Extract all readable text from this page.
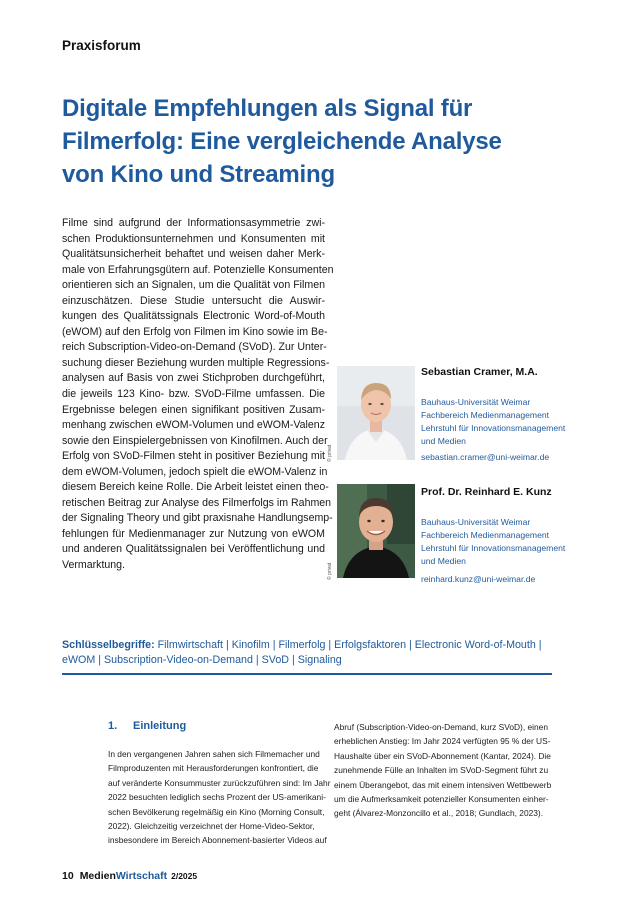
Praxisforum
Digitale Empfehlungen als Signal für
Filmerfolg: Eine vergleichende Analyse
von Kino und Streaming
Filme sind aufgrund der Informationsasymmetrie zwi-
schen Produktionsunternehmen und Konsumenten mit
Qualitätsunsicherheit behaftet und weisen daher Merk-
male von Erfahrungsgütern auf. Potenzielle Konsumenten
orientieren sich an Signalen, um die Qualität von Filmen
einzuschätzen. Diese Studie untersucht die Auswir-
kungen des Qualitätssignals Electronic Word-of-Mouth
(eWOM) auf den Erfolg von Filmen im Kino sowie im Be-
reich Subscription-Video-on-Demand (SVoD). Zur Unter-
suchung dieser Beziehung wurden multiple Regressions-
analysen auf Basis von zwei Stichproben durchgeführt,
die jeweils 123 Kino- bzw. SVoD-Filme umfassen. Die
Ergebnisse belegen einen signifikant positiven Zusam-
menhang zwischen eWOM-Volumen und eWOM-Valenz
sowie den Einspielergebnissen von Kinofilmen. Auch der
Erfolg von SVoD-Filmen steht in positiver Beziehung mit
dem eWOM-Volumen, jedoch spielt die eWOM-Valenz in
diesem Bereich keine Rolle. Die Arbeit leistet einen theo-
retischen Beitrag zur Analyse des Filmerfolgs im Rahmen
der Signaling Theory und gibt praxisnahe Handlungsemp-
fehlungen für Medienmanager zur Nutzung von eWOM
und anderen Qualitätssignalen bei Veröffentlichung und
Vermarktung.
© privat
Sebastian Cramer, M.A.
Bauhaus-Universität Weimar
Fachbereich Medienmanagement
Lehrstuhl für Innovationsmanagement
und Medien
sebastian.cramer@uni-weimar.de
© privat
Prof. Dr. Reinhard E. Kunz
Bauhaus-Universität Weimar
Fachbereich Medienmanagement
Lehrstuhl für Innovationsmanagement
und Medien
reinhard.kunz@uni-weimar.de
Schlüsselbegriffe: Filmwirtschaft | Kinofilm | Filmerfolg | Erfolgsfaktoren | Electronic Word-of-Mouth |
eWOM | Subscription-Video-on-Demand | SVoD | Signaling
1. Einleitung
In den vergangenen Jahren sahen sich Filmemacher und
Filmproduzenten mit Herausforderungen konfrontiert, die
auf veränderte Konsummuster zurückzuführen sind: Im Jahr
2022 besuchten lediglich sechs Prozent der US-amerikani-
schen Bevölkerung regelmäßig ein Kino (Morning Consult,
2022). Gleichzeitig verzeichnet der Home-Video-Sektor,
insbesondere im Bereich Abonnement-basierter Videos auf
Abruf (Subscription-Video-on-Demand, kurz SVoD), einen
erheblichen Anstieg: Im Jahr 2024 verfügten 95 % der US-
Haushalte über ein SVoD-Abonnement (Kantar, 2024). Die
zunehmende Fülle an Inhalten im SVoD-Segment führt zu
einem Überangebot, das mit einem intensiven Wettbewerb
um die Aufmerksamkeit potenzieller Konsumenten einher-
geht (Álvarez-Monzoncillo et al., 2018; Gundlach, 2023).
10 MedienWirtschaft 2/2025
